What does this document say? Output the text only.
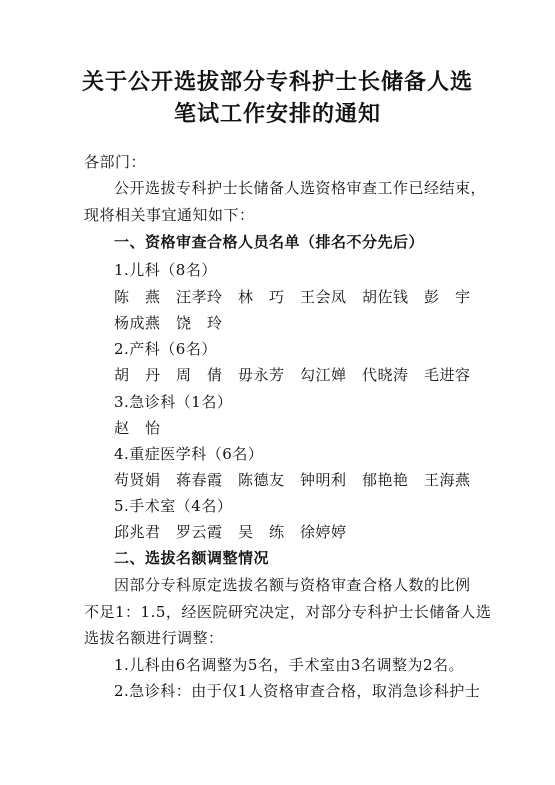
关于公开选拔部分专科护士长储备人选
笔试工作安排的通知
各部门：
公开选拔专科护士长储备人选资格审查工作已经结束，
现将相关事宜通知如下：
一、资格审查合格人员名单（排名不分先后）
1.儿科（8名）
陈　燕 汪孝玲 林　巧 王会凤 胡佐钱 彭　宇
杨成燕 饶　玲
2.产科（6名）
胡　丹 周　倩 毋永芳 勾江婵 代晓涛 毛进容
3.急诊科（1名）
赵　怡
4.重症医学科（6名）
苟贤娟 蒋春霞 陈德友 钟明利 郁艳艳 王海燕
5.手术室（4名）
邱兆君 罗云霞 吴　练 徐婷婷
二、选拔名额调整情况
因部分专科原定选拔名额与资格审查合格人数的比例
不足1：1.5，经医院研究决定，对部分专科护士长储备人选
选拔名额进行调整：
1.儿科由6名调整为5名，手术室由3名调整为2名。
2.急诊科：由于仅1人资格审查合格，取消急诊科护士
